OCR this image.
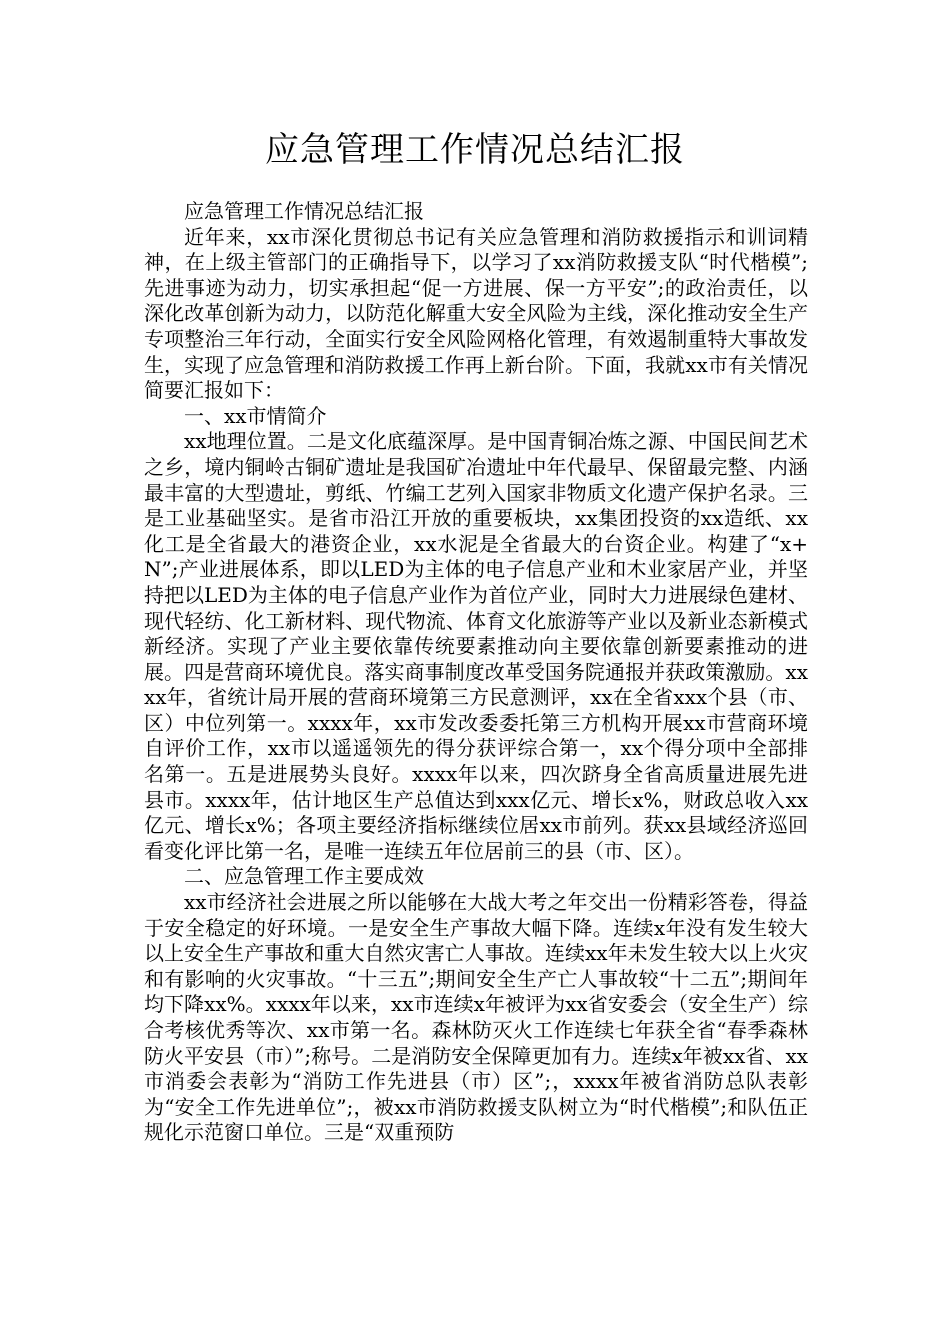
应急管理工作情况总结汇报

应急管理工作情况总结汇报

近年来，xx市深化贯彻总书记有关应急管理和消防救援指示和训词精神，在上级主管部门的正确指导下，以学习了xx消防救援支队“时代楷模”;先进事迹为动力，切实承担起“促一方进展、保一方平安”;的政治责任，以深化改革创新为动力，以防范化解重大安全风险为主线，深化推动安全生产专项整治三年行动，全面实行安全风险网格化管理，有效遏制重特大事故发生，实现了应急管理和消防救援工作再上新台阶。下面，我就xx市有关情况简要汇报如下：

一、xx市情简介

xx地理位置。二是文化底蕴深厚。是中国青铜冶炼之源、中国民间艺术之乡，境内铜岭古铜矿遗址是我国矿冶遗址中年代最早、保留最完整、内涵最丰富的大型遗址，剪纸、竹编工艺列入国家非物质文化遗产保护名录。三是工业基础坚实。是省市沿江开放的重要板块，xx集团投资的xx造纸、xx化工是全省最大的港资企业，xx水泥是全省最大的台资企业。构建了“x+N”;产业进展体系，即以LED为主体的电子信息产业和木业家居产业，并坚持把以LED为主体的电子信息产业作为首位产业，同时大力进展绿色建材、现代轻纺、化工新材料、现代物流、体育文化旅游等产业以及新业态新模式新经济。实现了产业主要依靠传统要素推动向主要依靠创新要素推动的进展。四是营商环境优良。落实商事制度改革受国务院通报并获政策激励。xxxx年，省统计局开展的营商环境第三方民意测评，xx在全省xxx个县（市、区）中位列第一。xxxx年，xx市发改委委托第三方机构开展xx市营商环境自评价工作，xx市以遥遥领先的得分获评综合第一，xx个得分项中全部排名第一。五是进展势头良好。xxxx年以来，四次跻身全省高质量进展先进县市。xxxx年，估计地区生产总值达到xxx亿元、增长x%，财政总收入xx亿元、增长x%；各项主要经济指标继续位居xx市前列。获xx县域经济巡回看变化评比第一名，是唯一连续五年位居前三的县（市、区）。

二、应急管理工作主要成效

xx市经济社会进展之所以能够在大战大考之年交出一份精彩答卷，得益于安全稳定的好环境。一是安全生产事故大幅下降。连续x年没有发生较大以上安全生产事故和重大自然灾害亡人事故。连续xx年未发生较大以上火灾和有影响的火灾事故。“十三五”;期间安全生产亡人事故较“十二五”;期间年均下降xx%。xxxx年以来，xx市连续x年被评为xx省安委会（安全生产）综合考核优秀等次、xx市第一名。森林防灭火工作连续七年获全省“春季森林防火平安县（市）”;称号。二是消防安全保障更加有力。连续x年被xx省、xx市消委会表彰为“消防工作先进县（市）区”;，xxxx年被省消防总队表彰为“安全工作先进单位”;，被xx市消防救援支队树立为“时代楷模”;和队伍正规化示范窗口单位。三是“双重预防
